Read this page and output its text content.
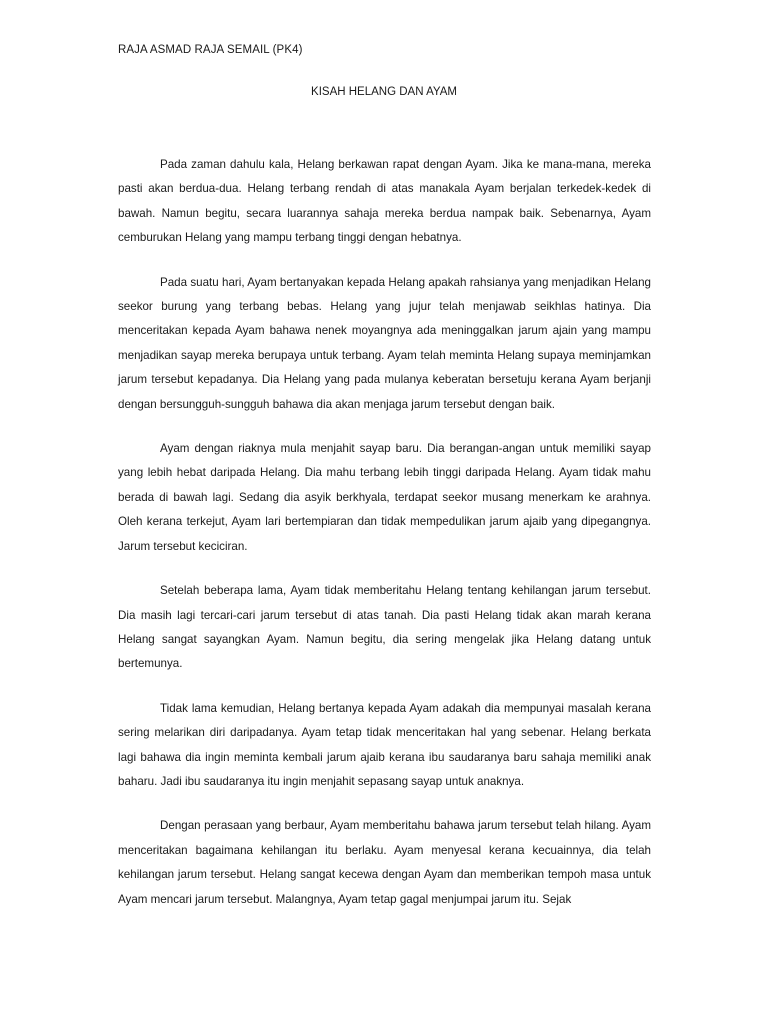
RAJA ASMAD RAJA SEMAIL (PK4)
KISAH HELANG DAN AYAM

Pada zaman dahulu kala, Helang berkawan rapat dengan Ayam. Jika ke mana-mana, mereka pasti akan berdua-dua. Helang terbang rendah di atas manakala Ayam berjalan terkedek-kedek di bawah. Namun begitu, secara luarannya sahaja mereka berdua nampak baik. Sebenarnya, Ayam cemburukan Helang yang mampu terbang tinggi dengan hebatnya.

Pada suatu hari, Ayam bertanyakan kepada Helang apakah rahsianya yang menjadikan Helang seekor burung yang terbang bebas. Helang yang jujur telah menjawab seikhlas hatinya. Dia menceritakan kepada Ayam bahawa nenek moyangnya ada meninggalkan jarum ajain yang mampu menjadikan sayap mereka berupaya untuk terbang. Ayam telah meminta Helang supaya meminjamkan jarum tersebut kepadanya. Dia Helang yang pada mulanya keberatan bersetuju kerana Ayam berjanji dengan bersungguh-sungguh bahawa dia akan menjaga jarum tersebut dengan baik.

Ayam dengan riaknya mula menjahit sayap baru. Dia berangan-angan untuk memiliki sayap yang lebih hebat daripada Helang. Dia mahu terbang lebih tinggi daripada Helang. Ayam tidak mahu berada di bawah lagi. Sedang dia asyik berkhyala, terdapat seekor musang menerkam ke arahnya. Oleh kerana terkejut, Ayam lari bertempiaran dan tidak mempedulikan jarum ajaib yang dipegangnya. Jarum tersebut keciciran.

Setelah beberapa lama, Ayam tidak memberitahu Helang tentang kehilangan jarum tersebut. Dia masih lagi tercari-cari jarum tersebut di atas tanah. Dia pasti Helang tidak akan marah kerana Helang sangat sayangkan Ayam. Namun begitu, dia sering mengelak jika Helang datang untuk bertemunya.

Tidak lama kemudian, Helang bertanya kepada Ayam adakah dia mempunyai masalah kerana sering melarikan diri daripadanya. Ayam tetap tidak menceritakan hal yang sebenar. Helang berkata lagi bahawa dia ingin meminta kembali jarum ajaib kerana ibu saudaranya baru sahaja memiliki anak baharu. Jadi ibu saudaranya itu ingin menjahit sepasang sayap untuk anaknya.

Dengan perasaan yang berbaur, Ayam memberitahu bahawa jarum tersebut telah hilang. Ayam menceritakan bagaimana kehilangan itu berlaku. Ayam menyesal kerana kecuainnya, dia telah kehilangan jarum tersebut. Helang sangat kecewa dengan Ayam dan memberikan tempoh masa untuk Ayam mencari jarum tersebut. Malangnya, Ayam tetap gagal menjumpai jarum itu. Sejak
